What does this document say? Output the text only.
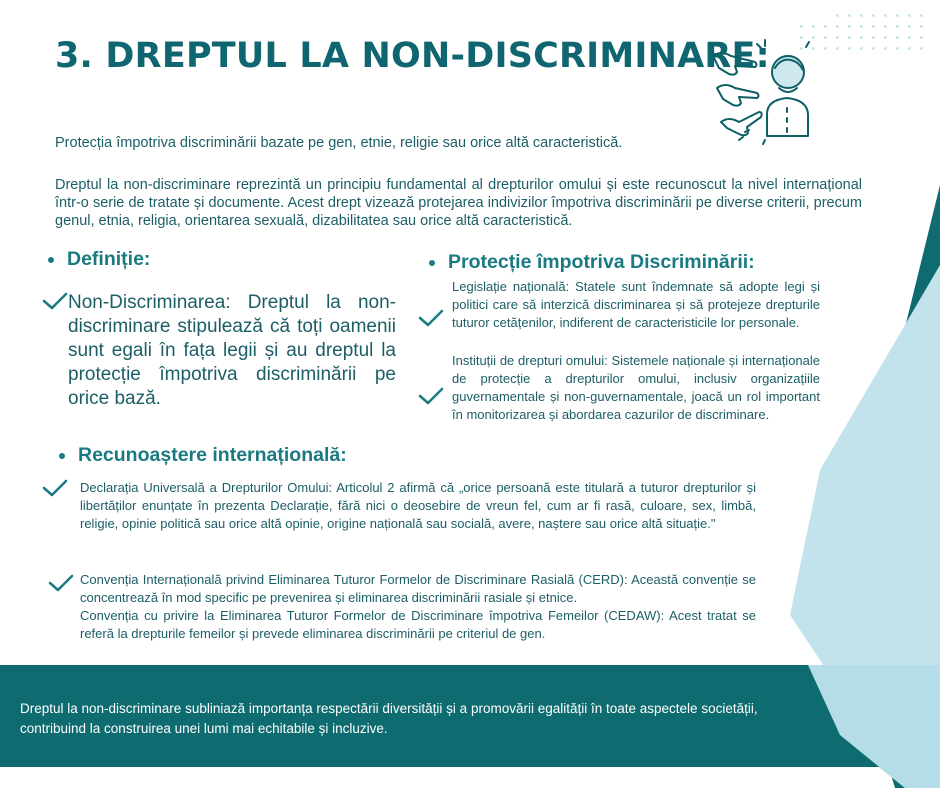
3. DREPTUL LA NON-DISCRIMINARE:
Protecția împotriva discriminării bazate pe gen, etnie, religie sau orice altă caracteristică.
Dreptul la non-discriminare reprezintă un principiu fundamental al drepturilor omului și este recunoscut la nivel internațional într-o serie de tratate și documente. Acest drept vizează protejarea indivizilor împotriva discriminării pe diverse criterii, precum genul, etnia, religia, orientarea sexuală, dizabilitatea sau orice altă caracteristică.
Definiție:
Non-Discriminarea: Dreptul la non-discriminare stipulează că toți oamenii sunt egali în fața legii și au dreptul la protecție împotriva discriminării pe orice bază.
Protecție împotriva Discriminării:
Legislație națională: Statele sunt îndemnate să adopte legi și politici care să interzică discriminarea și să protejeze drepturile tuturor cetățenilor, indiferent de caracteristicile lor personale.
Instituții de drepturi omului: Sistemele naționale și internaționale de protecție a drepturilor omului, inclusiv organizațiile guvernamentale și non-guvernamentale, joacă un rol important în monitorizarea și abordarea cazurilor de discriminare.
Recunoaștere internațională:
Declarația Universală a Drepturilor Omului: Articolul 2 afirmă că „orice persoană este titulară a tuturor drepturilor și libertăților enunțate în prezenta Declarație, fără nici o deosebire de vreun fel, cum ar fi rasă, culoare, sex, limbă, religie, opinie politică sau orice altă opinie, origine națională sau socială, avere, naștere sau orice altă situație."
Convenția Internațională privind Eliminarea Tuturor Formelor de Discriminare Rasială (CERD): Această convenție se concentrează în mod specific pe prevenirea și eliminarea discriminării rasiale și etnice.
Convenția cu privire la Eliminarea Tuturor Formelor de Discriminare împotriva Femeilor (CEDAW): Acest tratat se referă la drepturile femeilor și prevede eliminarea discriminării pe criteriul de gen.
Dreptul la non-discriminare subliniază importanța respectării diversității și a promovării egalității în toate aspectele societății, contribuind la construirea unei lumi mai echitabile și incluzive.
